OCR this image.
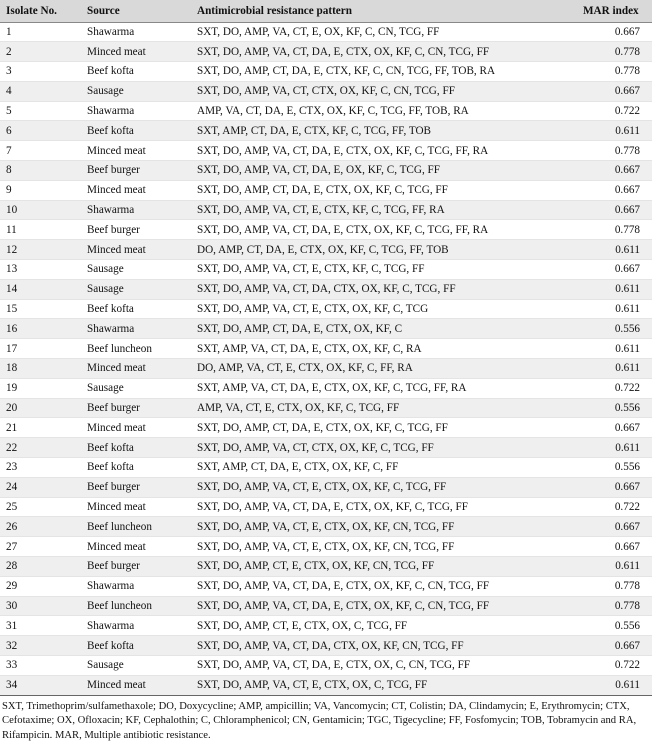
Isolate No.	Source	Antimicrobial resistance pattern	MAR index
1	Shawarma	SXT, DO, AMP, VA, CT, E, OX, KF, C, CN, TCG, FF	0.667
2	Minced meat	SXT, DO, AMP, VA, CT, DA, E, CTX, OX, KF, C, CN, TCG, FF	0.778
3	Beef kofta	SXT, DO, AMP, CT, DA, E, CTX, KF, C, CN, TCG, FF, TOB, RA	0.778
4	Sausage	SXT, DO, AMP, VA, CT, CTX, OX, KF, C, CN, TCG, FF	0.667
5	Shawarma	AMP, VA, CT, DA, E, CTX, OX, KF, C, TCG, FF, TOB, RA	0.722
6	Beef kofta	SXT, AMP, CT, DA, E, CTX, KF, C, TCG, FF, TOB	0.611
7	Minced meat	SXT, DO, AMP, VA, CT, DA, E, CTX, OX, KF, C, TCG, FF, RA	0.778
8	Beef burger	SXT, DO, AMP, VA, CT, DA, E, OX, KF, C, TCG, FF	0.667
9	Minced meat	SXT, DO, AMP, CT, DA, E, CTX, OX, KF, C, TCG, FF	0.667
10	Shawarma	SXT, DO, AMP, VA, CT, E, CTX, KF, C, TCG, FF, RA	0.667
11	Beef burger	SXT, DO, AMP, VA, CT, DA, E, CTX, OX, KF, C, TCG, FF, RA	0.778
12	Minced meat	DO, AMP, CT, DA, E, CTX, OX, KF, C, TCG, FF, TOB	0.611
13	Sausage	SXT, DO, AMP, VA, CT, E, CTX, KF, C, TCG, FF	0.667
14	Sausage	SXT, DO, AMP, VA, CT, DA, CTX, OX, KF, C, TCG, FF	0.611
15	Beef kofta	SXT, DO, AMP, VA, CT, E, CTX, OX, KF, C, TCG	0.611
16	Shawarma	SXT, DO, AMP, CT, DA, E, CTX, OX, KF, C	0.556
17	Beef luncheon	SXT, AMP, VA, CT, DA, E, CTX, OX, KF, C, RA	0.611
18	Minced meat	DO, AMP, VA, CT, E, CTX, OX, KF, C, FF, RA	0.611
19	Sausage	SXT, AMP, VA, CT, DA, E, CTX, OX, KF, C, TCG, FF, RA	0.722
20	Beef burger	AMP, VA, CT, E, CTX, OX, KF, C, TCG, FF	0.556
21	Minced meat	SXT, DO, AMP, CT, DA, E, CTX, OX, KF, C, TCG, FF	0.667
22	Beef kofta	SXT, DO, AMP, VA, CT, CTX, OX, KF, C, TCG, FF	0.611
23	Beef kofta	SXT, AMP, CT, DA, E, CTX, OX, KF, C, FF	0.556
24	Beef burger	SXT, DO, AMP, VA, CT, E, CTX, OX, KF, C, TCG, FF	0.667
25	Minced meat	SXT, DO, AMP, VA, CT, DA, E, CTX, OX, KF, C, TCG, FF	0.722
26	Beef luncheon	SXT, DO, AMP, VA, CT, E, CTX, OX, KF, CN, TCG, FF	0.667
27	Minced meat	SXT, DO, AMP, VA, CT, E, CTX, OX, KF, CN, TCG, FF	0.667
28	Beef burger	SXT, DO, AMP, CT, E, CTX, OX, KF, CN, TCG, FF	0.611
29	Shawarma	SXT, DO, AMP, VA, CT, DA, E, CTX, OX, KF, C, CN, TCG, FF	0.778
30	Beef luncheon	SXT, DO, AMP, VA, CT, DA, E, CTX, OX, KF, C, CN, TCG, FF	0.778
31	Shawarma	SXT, DO, AMP, CT, E, CTX, OX, C, TCG, FF	0.556
32	Beef kofta	SXT, DO, AMP, VA, CT, DA, CTX, OX, KF, CN, TCG, FF	0.667
33	Sausage	SXT, DO, AMP, VA, CT, DA, E, CTX, OX, C, CN, TCG, FF	0.722
34	Minced meat	SXT, DO, AMP, VA, CT, E, CTX, OX, C, TCG, FF	0.611

SXT, Trimethoprim/sulfamethaxole; DO, Doxycycline; AMP, ampicillin; VA, Vancomycin; CT, Colistin; DA, Clindamycin; E, Erythromycin; CTX, Cefotaxime; OX, Ofloxacin; KF, Cephalothin; C, Chloramphenicol; CN, Gentamicin; TGC, Tigecycline; FF, Fosfomycin; TOB, Tobramycin and RA, Rifampicin. MAR, Multiple antibiotic resistance.
